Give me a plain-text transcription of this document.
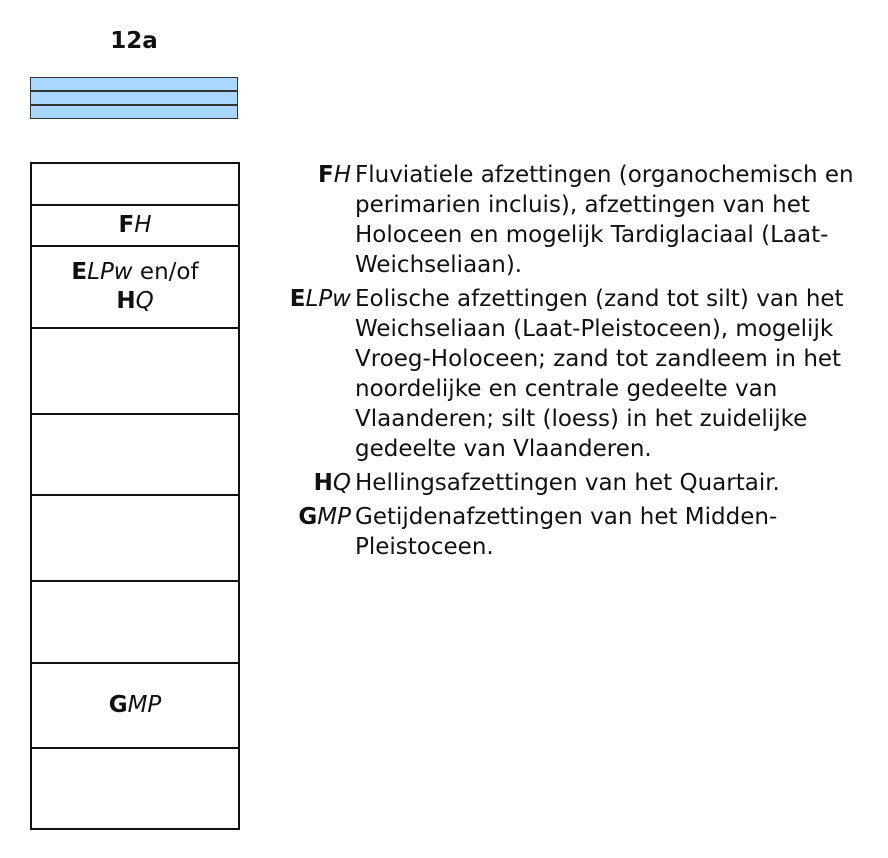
12a
FH
ELPw en/of
HQ
GMP
FH Fluviatiele afzettingen (organochemisch en perimarien incluis), afzettingen van het Holoceen en mogelijk Tardiglaciaal (Laat-Weichseliaan).
ELPw Eolische afzettingen (zand tot silt) van het Weichseliaan (Laat-Pleistoceen), mogelijk Vroeg-Holoceen; zand tot zandleem in het noordelijke en centrale gedeelte van Vlaanderen; silt (loess) in het zuidelijke gedeelte van Vlaanderen.
HQ Hellingsafzettingen van het Quartair.
GMP Getijdenafzettingen van het Midden-Pleistoceen.
